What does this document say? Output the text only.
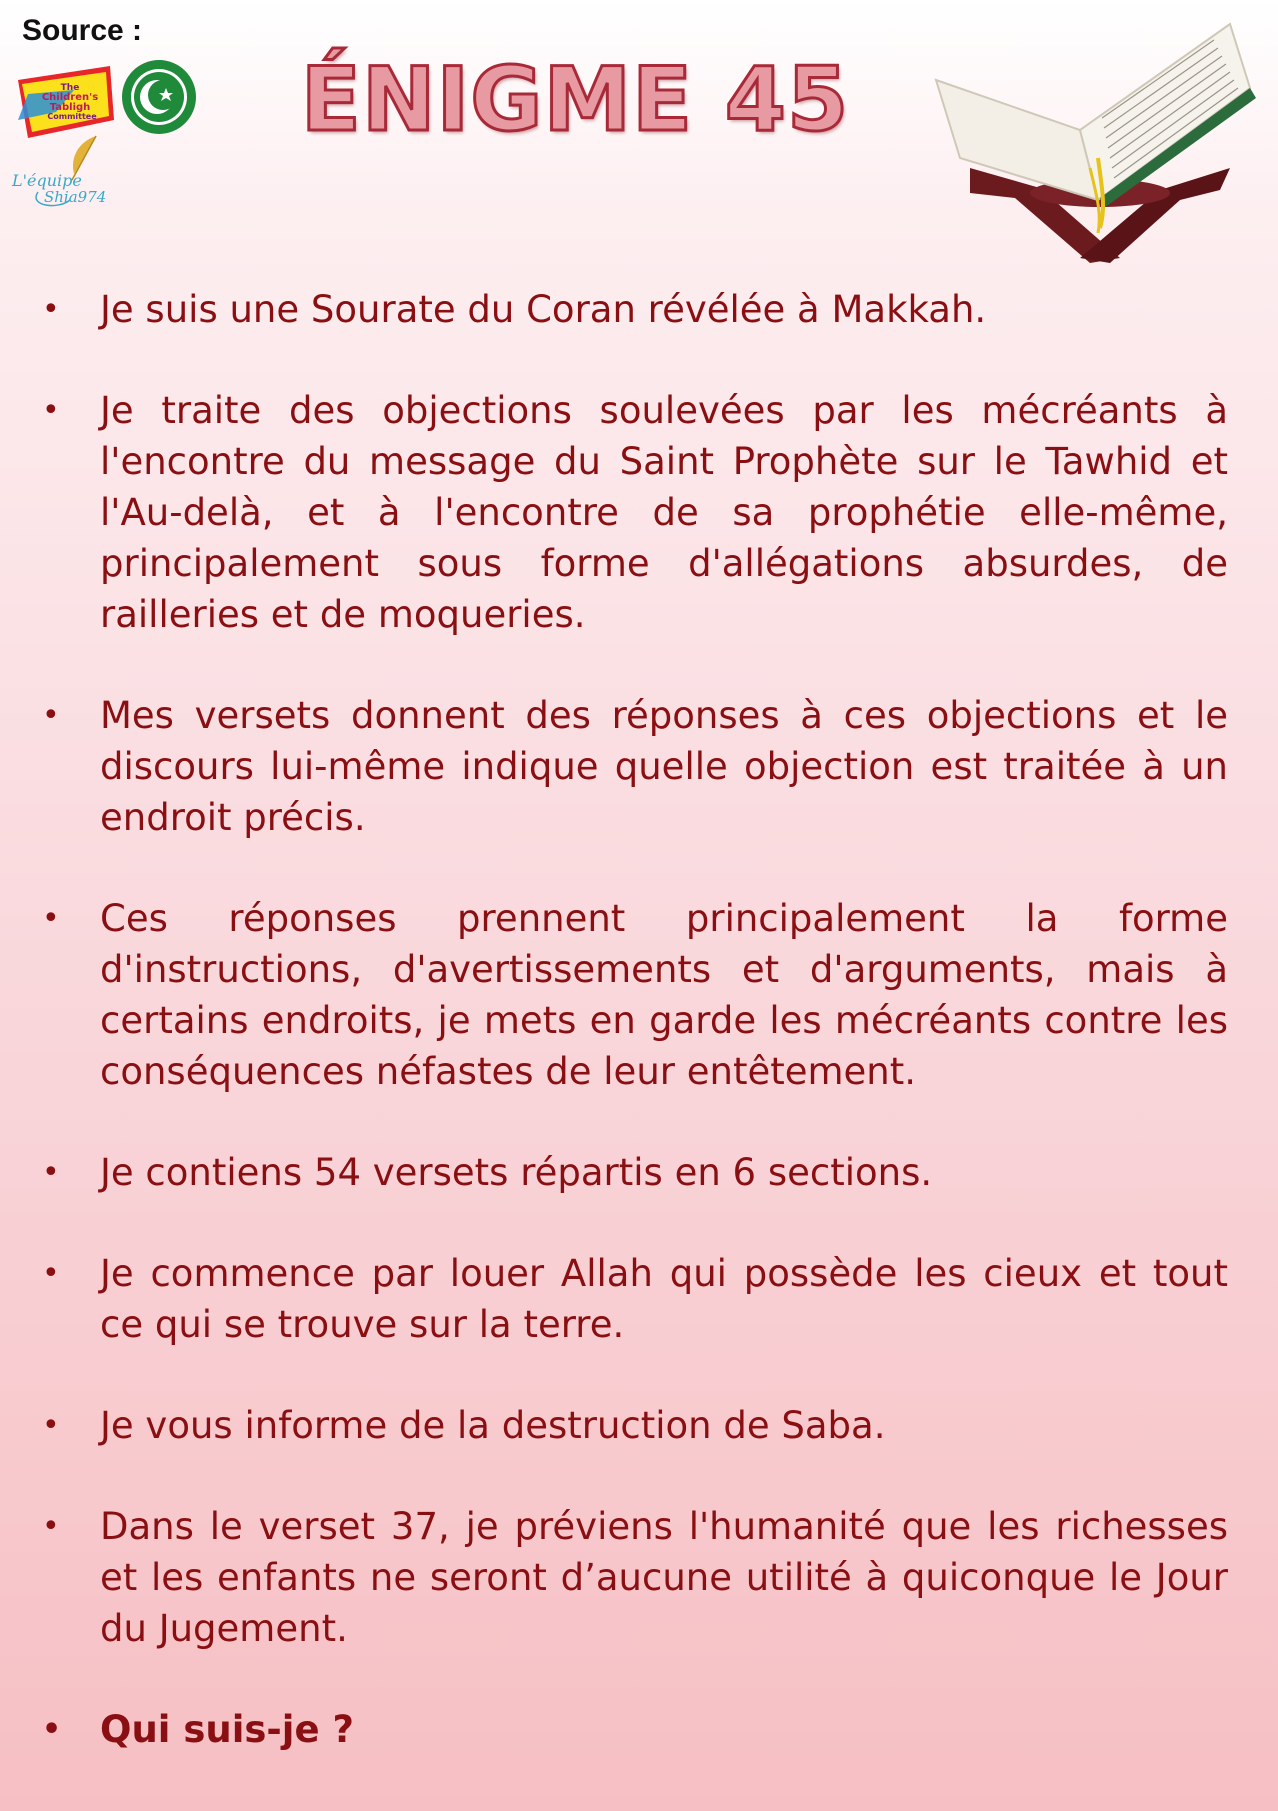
Source :
The
Children's
Tabligh
Committee
L'équipe
Shia974
ÉNIGME 45
• Je suis une Sourate du Coran révélée à Makkah.
• Je traite des objections soulevées par les mécréants à l'encontre du message du Saint Prophète sur le Tawhid et l'Au-delà, et à l'encontre de sa prophétie elle-même, principalement sous forme d'allégations absurdes, de railleries et de moqueries.
• Mes versets donnent des réponses à ces objections et le discours lui-même indique quelle objection est traitée à un endroit précis.
• Ces réponses prennent principalement la forme d'instructions, d'avertissements et d'arguments, mais à certains endroits, je mets en garde les mécréants contre les conséquences néfastes de leur entêtement.
• Je contiens 54 versets répartis en 6 sections.
• Je commence par louer Allah qui possède les cieux et tout ce qui se trouve sur la terre.
• Je vous informe de la destruction de Saba.
• Dans le verset 37, je préviens l'humanité que les richesses et les enfants ne seront d’aucune utilité à quiconque le Jour du Jugement.
• Qui suis-je ?
